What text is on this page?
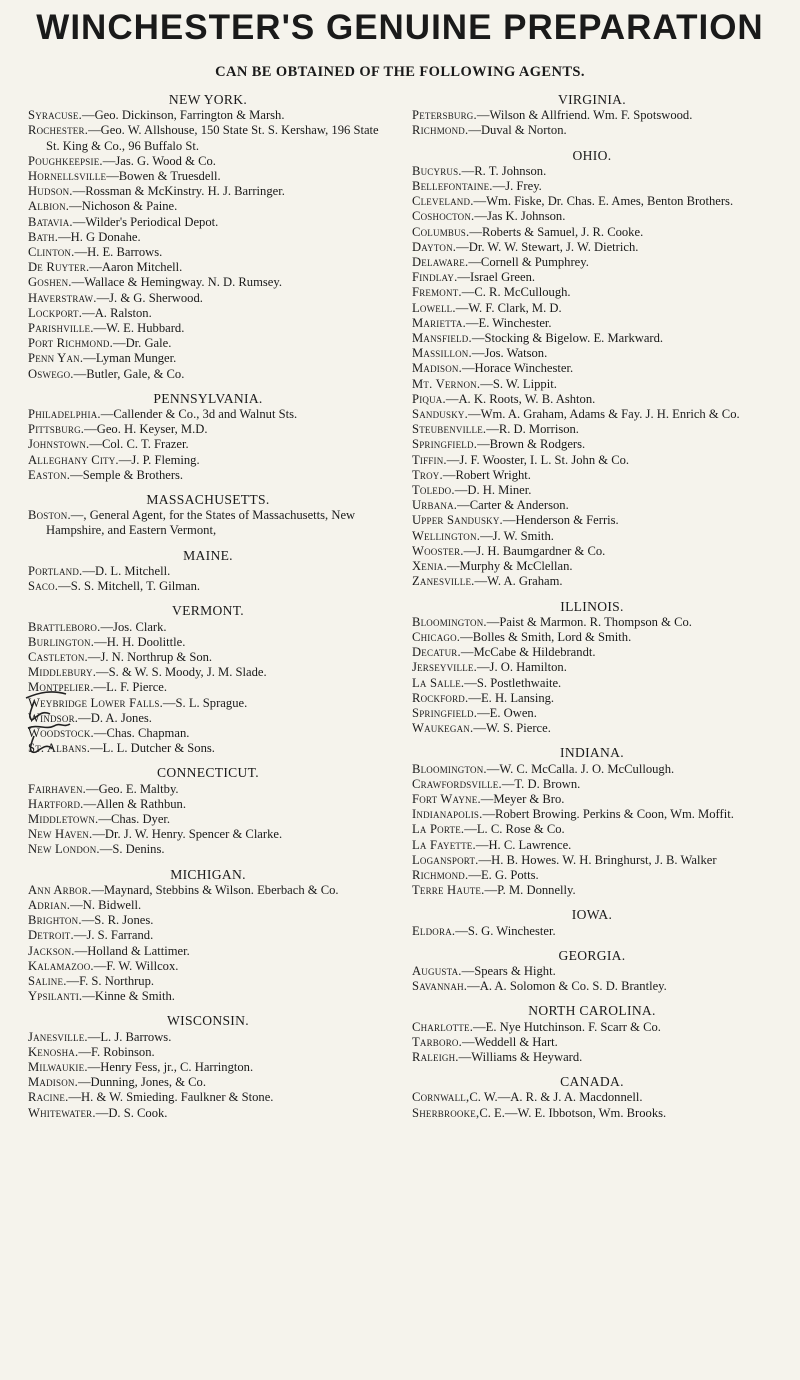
WINCHESTER'S GENUINE PREPARATION
CAN BE OBTAINED OF THE FOLLOWING AGENTS.
NEW YORK.
Syracuse.—Geo. Dickinson, Farrington & Marsh.
Rochester.—Geo. W. Allshouse, 150 State St. S. Kershaw, 196 State St. King & Co., 96 Buffalo St.
Poughkeepsie.—Jas. G. Wood & Co.
Hornellsville—Bowen & Truesdell.
Hudson.—Rossman & McKinstry. H. J. Barringer.
Albion.—Nichoson & Paine.
Batavia.—Wilder's Periodical Depot.
Bath.—H. G Donahe.
Clinton.—H. E. Barrows.
De Ruyter.—Aaron Mitchell.
Goshen.—Wallace & Hemingway. N. D. Rumsey.
Haverstraw.—J. & G. Sherwood.
Lockport.—A. Ralston.
Parishville.—W. E. Hubbard.
Port Richmond.—Dr. Gale.
Penn Yan.—Lyman Munger.
Oswego.—Butler, Gale, & Co.
PENNSYLVANIA.
Philadelphia.—Callender & Co., 3d and Walnut Sts.
Pittsburg.—Geo. H. Keyser, M.D.
Johnstown.—Col. C. T. Frazer.
Alleghany City.—J. P. Fleming.
Easton.—Semple & Brothers.
MASSACHUSETTS.
Boston.—, General Agent, for the States of Massachusetts, New Hampshire, and Eastern Vermont,
MAINE.
Portland.—D. L. Mitchell.
Saco.—S. S. Mitchell, T. Gilman.
VERMONT.
Brattleboro.—Jos. Clark.
Burlington.—H. H. Doolittle.
Castleton.—J. N. Northrup & Son.
Middlebury.—S. & W. S. Moody, J. M. Slade.
Montpelier.—L. F. Pierce.
Weybridge Lower Falls.—S. L. Sprague.
Windsor.—D. A. Jones.
Woodstock.—Chas. Chapman.
St. Albans.—L. L. Dutcher & Sons.
CONNECTICUT.
Fairhaven.—Geo. E. Maltby.
Hartford.—Allen & Rathbun.
Middletown.—Chas. Dyer.
New Haven.—Dr. J. W. Henry. Spencer & Clarke.
New London.—S. Denins.
MICHIGAN.
Ann Arbor.—Maynard, Stebbins & Wilson. Eberbach & Co.
Adrian.—N. Bidwell.
Brighton.—S. R. Jones.
Detroit.—J. S. Farrand.
Jackson.—Holland & Lattimer.
Kalamazoo.—F. W. Willcox.
Saline.—F. S. Northrup.
Ypsilanti.—Kinne & Smith.
WISCONSIN.
Janesville.—L. J. Barrows.
Kenosha.—F. Robinson.
Milwaukie.—Henry Fess, jr., C. Harrington.
Madison.—Dunning, Jones, & Co.
Racine.—H. & W. Smieding. Faulkner & Stone.
Whitewater.—D. S. Cook.
VIRGINIA.
Petersburg.—Wilson & Allfriend. Wm. F. Spotswood.
Richmond.—Duval & Norton.
OHIO.
Bucyrus.—R. T. Johnson.
Bellefontaine.—J. Frey.
Cleveland.—Wm. Fiske, Dr. Chas. E. Ames, Benton Brothers.
Coshocton.—Jas K. Johnson.
Columbus.—Roberts & Samuel, J. R. Cooke.
Dayton.—Dr. W. W. Stewart, J. W. Dietrich.
Delaware.—Cornell & Pumphrey.
Findlay.—Israel Green.
Fremont.—C. R. McCullough.
Lowell.—W. F. Clark, M. D.
Marietta.—E. Winchester.
Mansfield.—Stocking & Bigelow. E. Markward.
Massillon.—Jos. Watson.
Madison.—Horace Winchester.
Mt. Vernon.—S. W. Lippit.
Piqua.—A. K. Roots, W. B. Ashton.
Sandusky.—Wm. A. Graham, Adams & Fay. J. H. Enrich & Co.
Steubenville.—R. D. Morrison.
Springfield.—Brown & Rodgers.
Tiffin.—J. F. Wooster, I. L. St. John & Co.
Troy.—Robert Wright.
Toledo.—D. H. Miner.
Urbana.—Carter & Anderson.
Upper Sandusky.—Henderson & Ferris.
Wellington.—J. W. Smith.
Wooster.—J. H. Baumgardner & Co.
Xenia.—Murphy & McClellan.
Zanesville.—W. A. Graham.
ILLINOIS.
Bloomington.—Paist & Marmon. R. Thompson & Co.
Chicago.—Bolles & Smith, Lord & Smith.
Decatur.—McCabe & Hildebrandt.
Jerseyville.—J. O. Hamilton.
La Salle.—S. Postlethwaite.
Rockford.—E. H. Lansing.
Springfield.—E. Owen.
Waukegan.—W. S. Pierce.
INDIANA.
Bloomington.—W. C. McCalla. J. O. McCullough.
Crawfordsville.—T. D. Brown.
Fort Wayne.—Meyer & Bro.
Indianapolis.—Robert Browing. Perkins & Coon, Wm. Moffit.
La Porte.—L. C. Rose & Co.
La Fayette.—H. C. Lawrence.
Logansport.—H. B. Howes. W. H. Bringhurst, J. B. Walker
Richmond.—E. G. Potts.
Terre Haute.—P. M. Donnelly.
IOWA.
Eldora.—S. G. Winchester.
GEORGIA.
Augusta.—Spears & Hight.
Savannah.—A. A. Solomon & Co. S. D. Brantley.
NORTH CAROLINA.
Charlotte.—E. Nye Hutchinson. F. Scarr & Co.
Tarboro.—Weddell & Hart.
Raleigh.—Williams & Heyward.
CANADA.
Cornwall,C. W.—A. R. & J. A. Macdonnell.
Sherbrooke,C. E.—W. E. Ibbotson, Wm. Brooks.
